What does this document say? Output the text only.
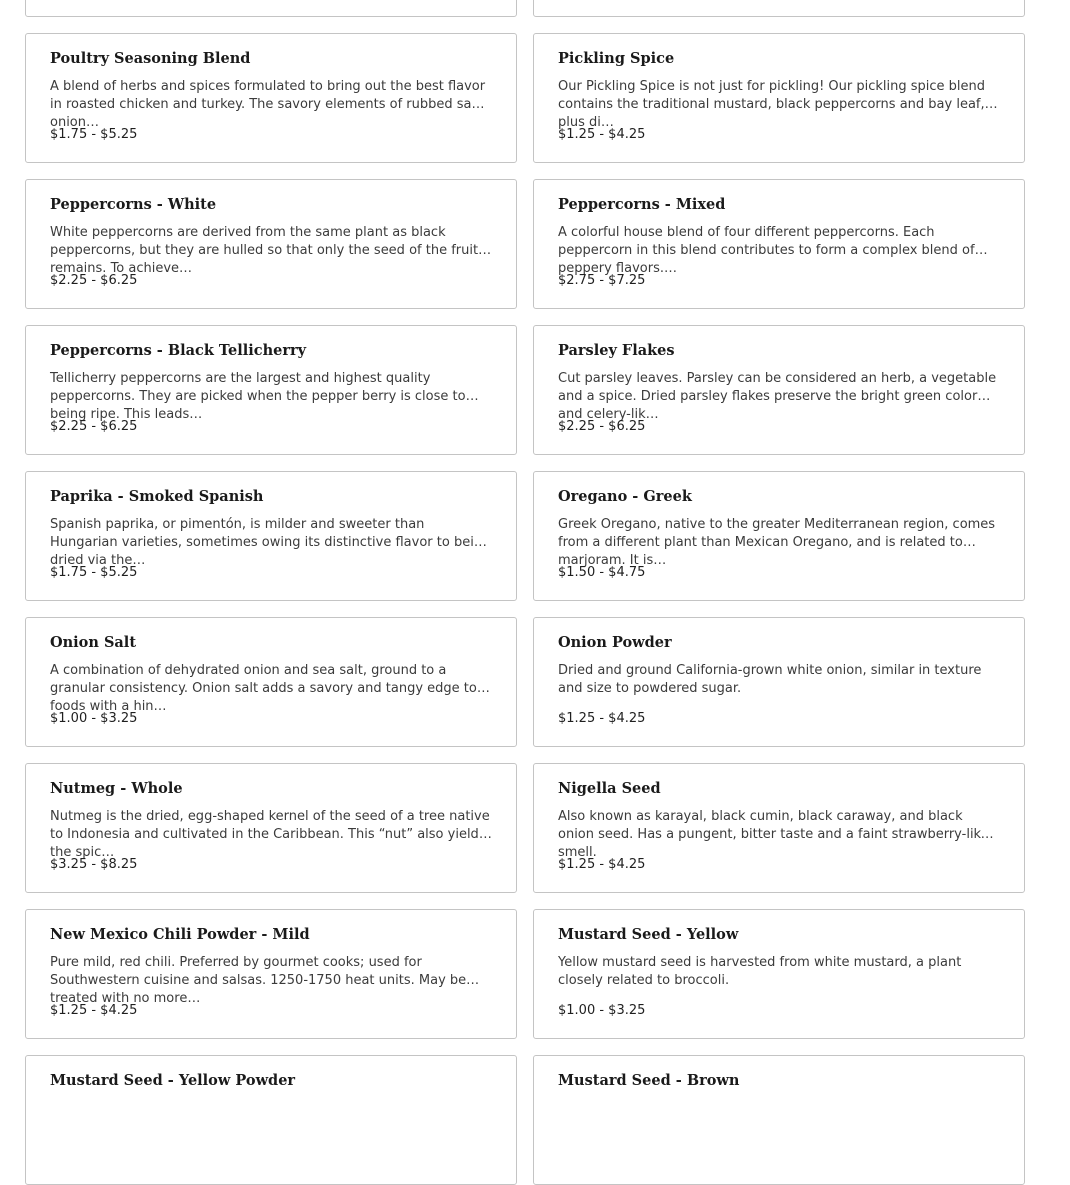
Poultry Seasoning Blend
A blend of herbs and spices formulated to bring out the best flavor in roasted chicken and turkey. The savory elements of rubbed sage, onion…
$1.75 - $5.25
Pickling Spice
Our Pickling Spice is not just for pickling! Our pickling spice blend contains the traditional mustard, black peppercorns and bay leaf, plus di…
$1.25 - $4.25
Peppercorns - White
White peppercorns are derived from the same plant as black peppercorns, but they are hulled so that only the seed of the fruit remains. To achieve…
$2.25 - $6.25
Peppercorns - Mixed
A colorful house blend of four different peppercorns. Each peppercorn in this blend contributes to form a complex blend of peppery flavors.…
$2.75 - $7.25
Peppercorns - Black Tellicherry
Tellicherry peppercorns are the largest and highest quality peppercorns. They are picked when the pepper berry is close to being ripe. This leads…
$2.25 - $6.25
Parsley Flakes
Cut parsley leaves. Parsley can be considered an herb, a vegetable and a spice. Dried parsley flakes preserve the bright green color and celery-lik…
$2.25 - $6.25
Paprika - Smoked Spanish
Spanish paprika, or pimentón, is milder and sweeter than Hungarian varieties, sometimes owing its distinctive flavor to being dried via the…
$1.75 - $5.25
Oregano - Greek
Greek Oregano, native to the greater Mediterranean region, comes from a different plant than Mexican Oregano, and is related to marjoram. It is…
$1.50 - $4.75
Onion Salt
A combination of dehydrated onion and sea salt, ground to a granular consistency. Onion salt adds a savory and tangy edge to foods with a hin…
$1.00 - $3.25
Onion Powder
Dried and ground California-grown white onion, similar in texture and size to powdered sugar.
$1.25 - $4.25
Nutmeg - Whole
Nutmeg is the dried, egg-shaped kernel of the seed of a tree native to Indonesia and cultivated in the Caribbean. This “nut” also yields the spic…
$3.25 - $8.25
Nigella Seed
Also known as karayal, black cumin, black caraway, and black onion seed. Has a pungent, bitter taste and a faint strawberry-like smell.
$1.25 - $4.25
New Mexico Chili Powder - Mild
Pure mild, red chili. Preferred by gourmet cooks; used for Southwestern cuisine and salsas. 1250-1750 heat units. May be treated with no more…
$1.25 - $4.25
Mustard Seed - Yellow
Yellow mustard seed is harvested from white mustard, a plant closely related to broccoli.
$1.00 - $3.25
Mustard Seed - Yellow Powder	Mustard Seed - Brown
